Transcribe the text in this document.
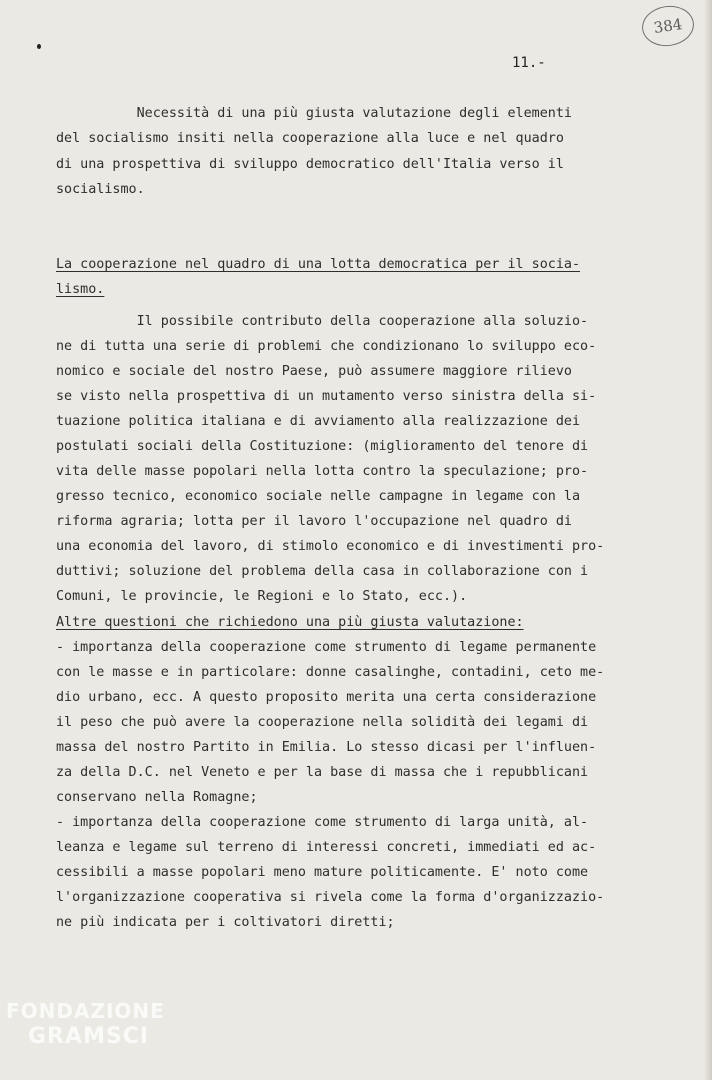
384
11.-
Necessità di una più giusta valutazione degli elementi
del socialismo insiti nella cooperazione alla luce e nel quadro
di una prospettiva di sviluppo democratico dell'Italia verso il
socialismo.
La cooperazione nel quadro di una lotta democratica per il socia-
lismo.
Il possibile contributo della cooperazione alla soluzio-
ne di tutta una serie di problemi che condizionano lo sviluppo eco-
nomico e sociale del nostro Paese, può assumere maggiore rilievo
se visto nella prospettiva di un mutamento verso sinistra della si-
tuazione politica italiana e di avviamento alla realizzazione dei
postulati sociali della Costituzione: (miglioramento del tenore di
vita delle masse popolari nella lotta contro la speculazione; pro-
gresso tecnico, economico sociale nelle campagne in legame con la
riforma agraria; lotta per il lavoro l'occupazione nel quadro di
una economia del lavoro, di stimolo economico e di investimenti pro-
duttivi; soluzione del problema della casa in collaborazione con i
Comuni, le provincie, le Regioni e lo Stato, ecc.).
Altre questioni che richiedono una più giusta valutazione:
- importanza della cooperazione come strumento di legame permanente
con le masse e in particolare: donne casalinghe, contadini, ceto me-
dio urbano, ecc. A questo proposito merita una certa considerazione
il peso che può avere la cooperazione nella solidità dei legami di
massa del nostro Partito in Emilia. Lo stesso dicasi per l'influen-
za della D.C. nel Veneto e per la base di massa che i repubblicani
conservano nella Romagne;
- importanza della cooperazione come strumento di larga unità, al-
leanza e legame sul terreno di interessi concreti, immediati ed ac-
cessibili a masse popolari meno mature politicamente. E' noto come
l'organizzazione cooperativa si rivela come la forma d'organizzazio-
ne più indicata per i coltivatori diretti;
FONDAZIONE
GRAMSCI
